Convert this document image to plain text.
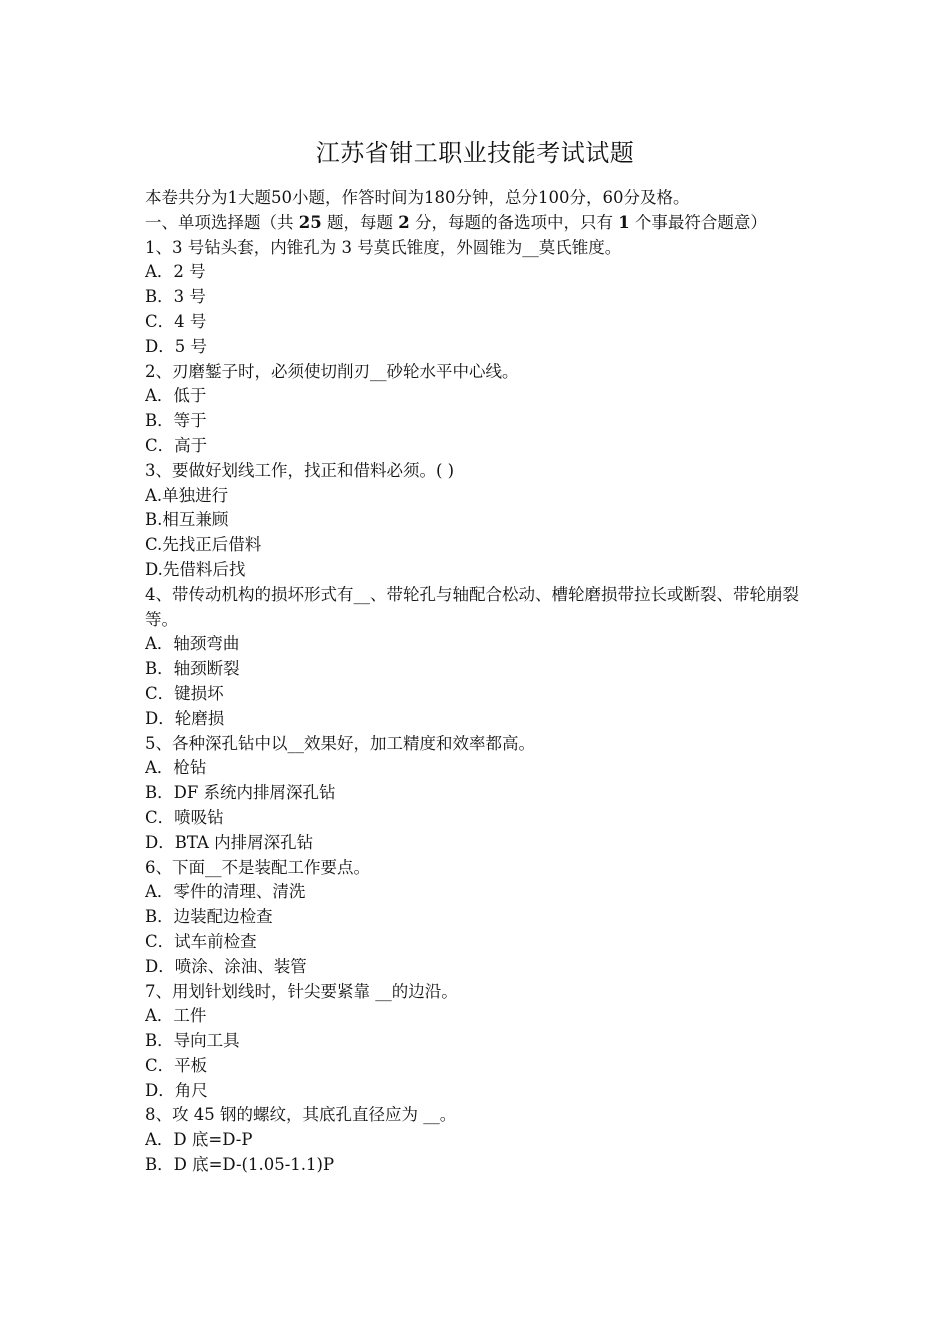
江苏省钳工职业技能考试试题
本卷共分为1大题50小题，作答时间为180分钟，总分100分，60分及格。
一、单项选择题（共 25 题，每题 2 分，每题的备选项中，只有 1 个事最符合题意）
1、3 号钻头套，内锥孔为 3 号莫氏锥度，外圆锥为__莫氏锥度。
A．2 号
B．3 号
C．4 号
D．5 号
2、刃磨錾子时，必须使切削刃__砂轮水平中心线。
A．低于
B．等于
C．高于
3、要做好划线工作，找正和借料必须。( )
A.单独进行
B.相互兼顾
C.先找正后借料
D.先借料后找
4、带传动机构的损坏形式有__、带轮孔与轴配合松动、槽轮磨损带拉长或断裂、带轮崩裂等。
A．轴颈弯曲
B．轴颈断裂
C．键损坏
D．轮磨损
5、各种深孔钻中以__效果好，加工精度和效率都高。
A．枪钻
B．DF 系统内排屑深孔钻
C．喷吸钻
D．BTA 内排屑深孔钻
6、下面__不是装配工作要点。
A．零件的清理、清洗
B．边装配边检查
C．试车前检查
D．喷涂、涂油、装管
7、用划针划线时，针尖要紧靠 __的边沿。
A．工件
B．导向工具
C．平板
D．角尺
8、攻 45 钢的螺纹，其底孔直径应为 __。
A．D 底=D-P
B．D 底=D-(1.05-1.1)P
